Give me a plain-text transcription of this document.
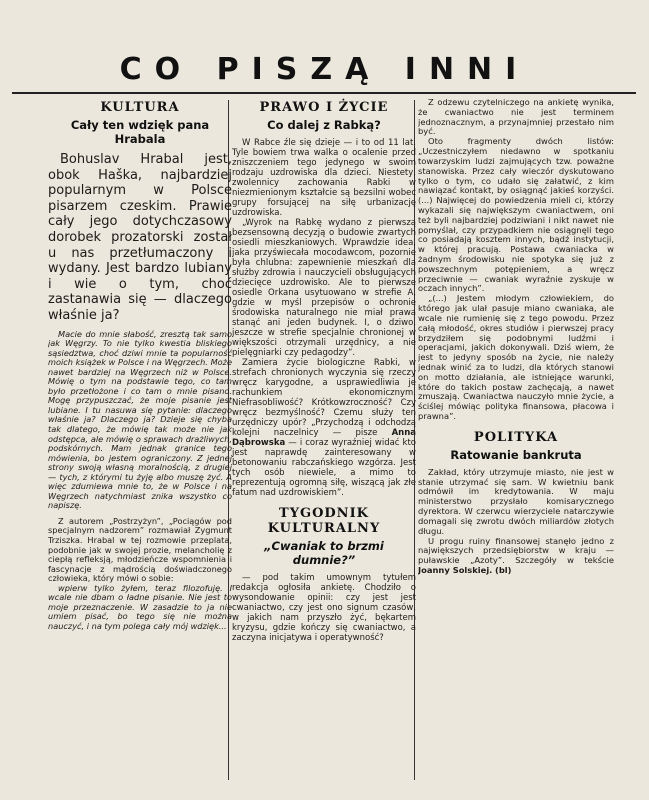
CO PISZĄ INNI
KULTURA
Cały ten wdzięk pana Hrabala

Bohuslav Hrabal jest, obok Haška, najbardziej popularnym w Polsce pisarzem czeskim. Prawie cały jego dotychczasowy dorobek prozatorski został u nas przetłumaczony i wydany. Jest bardzo lubiany i wie o tym, choć zastanawia się — dlaczego właśnie ja?

Macie do mnie słabość, zresztą tak samo jak Węgrzy. To nie tylko kwestia bliskiego sąsiedztwa, choć dziwi mnie ta popularność moich książek w Polsce i na Węgrzech. Może nawet bardziej na Węgrzech niż w Polsce. Mówię o tym na podstawie tego, co tam było przetłożone i co tam o mnie pisano. Mogę przypuszczać, że moje pisanie jest lubiane. I tu nasuwa się pytanie: dlaczego właśnie ja? Dlaczego ja? Dzieje się chyba tak dlatego, że mówię tak może nie jak odstępca, ale mówię o sprawach drażliwych, podskórnych. Mam jednak granice tego mówienia, bo jestem ograniczony. Z jednej strony swoją własną moralnością, z drugiej — tych, z którymi tu żyję albo muszę żyć. A więc zdumiewa mnie to, że w Polsce i na Węgrzech natychmiast znika wszystko co napiszę.

Z autorem „Postrzyżyn”, „Pociągów pod specjalnym nadzorem” rozmawiał Zygmunt Trziszka. Hrabal w tej rozmowie przeplata, podobnie jak w swojej prozie, melancholię z ciepłą refleksją, młodzieńcze wspomnienia i fascynacje z mądrością doświadczonego człowieka, który mówi o sobie:

wpierw tylko żyłem, teraz filozofuję. I wcale nie dbam o ładne pisanie. Nie jest to moje przeznaczenie. W zasadzie to ja nie umiem pisać, bo tego się nie można nauczyć, i na tym polega cały mój wdzięk...

PRAWO I ŻYCIE
Co dalej z Rabką?

W Rabce źle się dzieje — i to od 11 lat. Tyle bowiem trwa walka o ocalenie przed zniszczeniem tego jedynego w swoim rodzaju uzdrowiska dla dzieci. Niestety, zwolennicy zachowania Rabki w niezmienionym kształcie są bezsilni wobec grupy forsującej na siłę urbanizację uzdrowiska.

„Wyrok na Rabkę wydano z pierwszą bezsensowną decyzją o budowie zwartych osiedli mieszkaniowych. Wprawdzie idea, jaka przyświecała mocodawcom, pozornie była chlubna: zapewnienie mieszkań dla służby zdrowia i nauczycieli obsługujących dziecięce uzdrowisko. Ale to pierwsze osiedle Orkana usytuowano w strefie A, gdzie w myśl przepisów o ochronie środowiska naturalnego nie miał prawa stanąć ani jeden budynek. I, o dziwo, jeszcze w strefie specjalnie chronionej w większości otrzymali urzędnicy, a nie pielęgniarki czy pedagodzy”.

Zamiera życie biologiczne Rabki, w strefach chronionych wyczynia się rzeczy wręcz karygodne, a usprawiedliwia je rachunkiem ekonomicznym. Niefrasobliwość? Krótkowzroczność? Czy wręcz bezmyślność? Czemu służy ten urzędniczy upór? „Przychodzą i odchodzą kolejni naczelnicy — pisze Anna Dąbrowska — i coraz wyraźniej widać kto jest naprawdę zainteresowany w betonowaniu rabczańskiego wzgórza. Jest tych osób niewiele, a mimo to reprezentują ogromną siłę, wiszącą jak złe fatum nad uzdrowiskiem”.

TYGODNIK KULTURALNY
„Cwaniak to brzmi dumnie?”

— pod takim umownym tytułem redakcja ogłosiła ankietę. Chodziło o wysondowanie opinii: czy jest jest cwaniactwo, czy jest ono signum czasów, w jakich nam przyszło żyć, bękartem kryzysu, gdzie kończy się cwaniactwo, a zaczyna inicjatywa i operatywność?

Z odzewu czytelniczego na ankietę wynika, że cwaniactwo nie jest terminem jednoznacznym, a przynajmniej przestało nim być.

Oto fragmenty dwóch listów: „Uczestniczyłem niedawno w spotkaniu towarzyskim ludzi zajmujących tzw. poważne stanowiska. Przez cały wieczór dyskutowano tylko o tym, co udało się załatwić, z kim nawiązać kontakt, by osiągnąć jakieś korzyści. (...) Najwięcej do powiedzenia mieli ci, którzy wykazali się największym cwaniactwem, oni też byli najbardziej podziwiani i nikt nawet nie pomyślał, czy przypadkiem nie osiągnęli tego co posiadają kosztem innych, bądź instytucji, w której pracują. Postawa cwaniacka w żadnym środowisku nie spotyka się już z powszechnym potępieniem, a wręcz przeciwnie — cwaniak wyraźnie zyskuje w oczach innych”.

„(...) Jestem młodym człowiekiem, do którego jak ulał pasuje miano cwaniaka, ale wcale nie rumienię się z tego powodu. Przez całą młodość, okres studiów i pierwszej pracy brzydziłem się podobnymi ludźmi i operacjami, jakich dokonywali. Dziś wiem, że jest to jedyny sposób na życie, nie należy jednak winić za to ludzi, dla których stanowi on motto działania, ale istniejące warunki, które do takich postaw zachęcają, a nawet zmuszają. Cwaniactwa nauczyło mnie życie, a ściślej mówiąc polityka finansowa, płacowa i prawna”.

POLITYKA
Ratowanie bankruta

Zakład, który utrzymuje miasto, nie jest w stanie utrzymać się sam. W kwietniu bank odmówił im kredytowania. W maju ministerstwo przysłało komisarycznego dyrektora. W czerwcu wierzyciele natarczywie domagali się zwrotu dwóch miliardów złotych długu.

U progu ruiny finansowej stanęło jedno z największych przedsiębiorstw w kraju — puławskie „Azoty”. Szczegóły w tekście Joanny Solskiej. (bl)
